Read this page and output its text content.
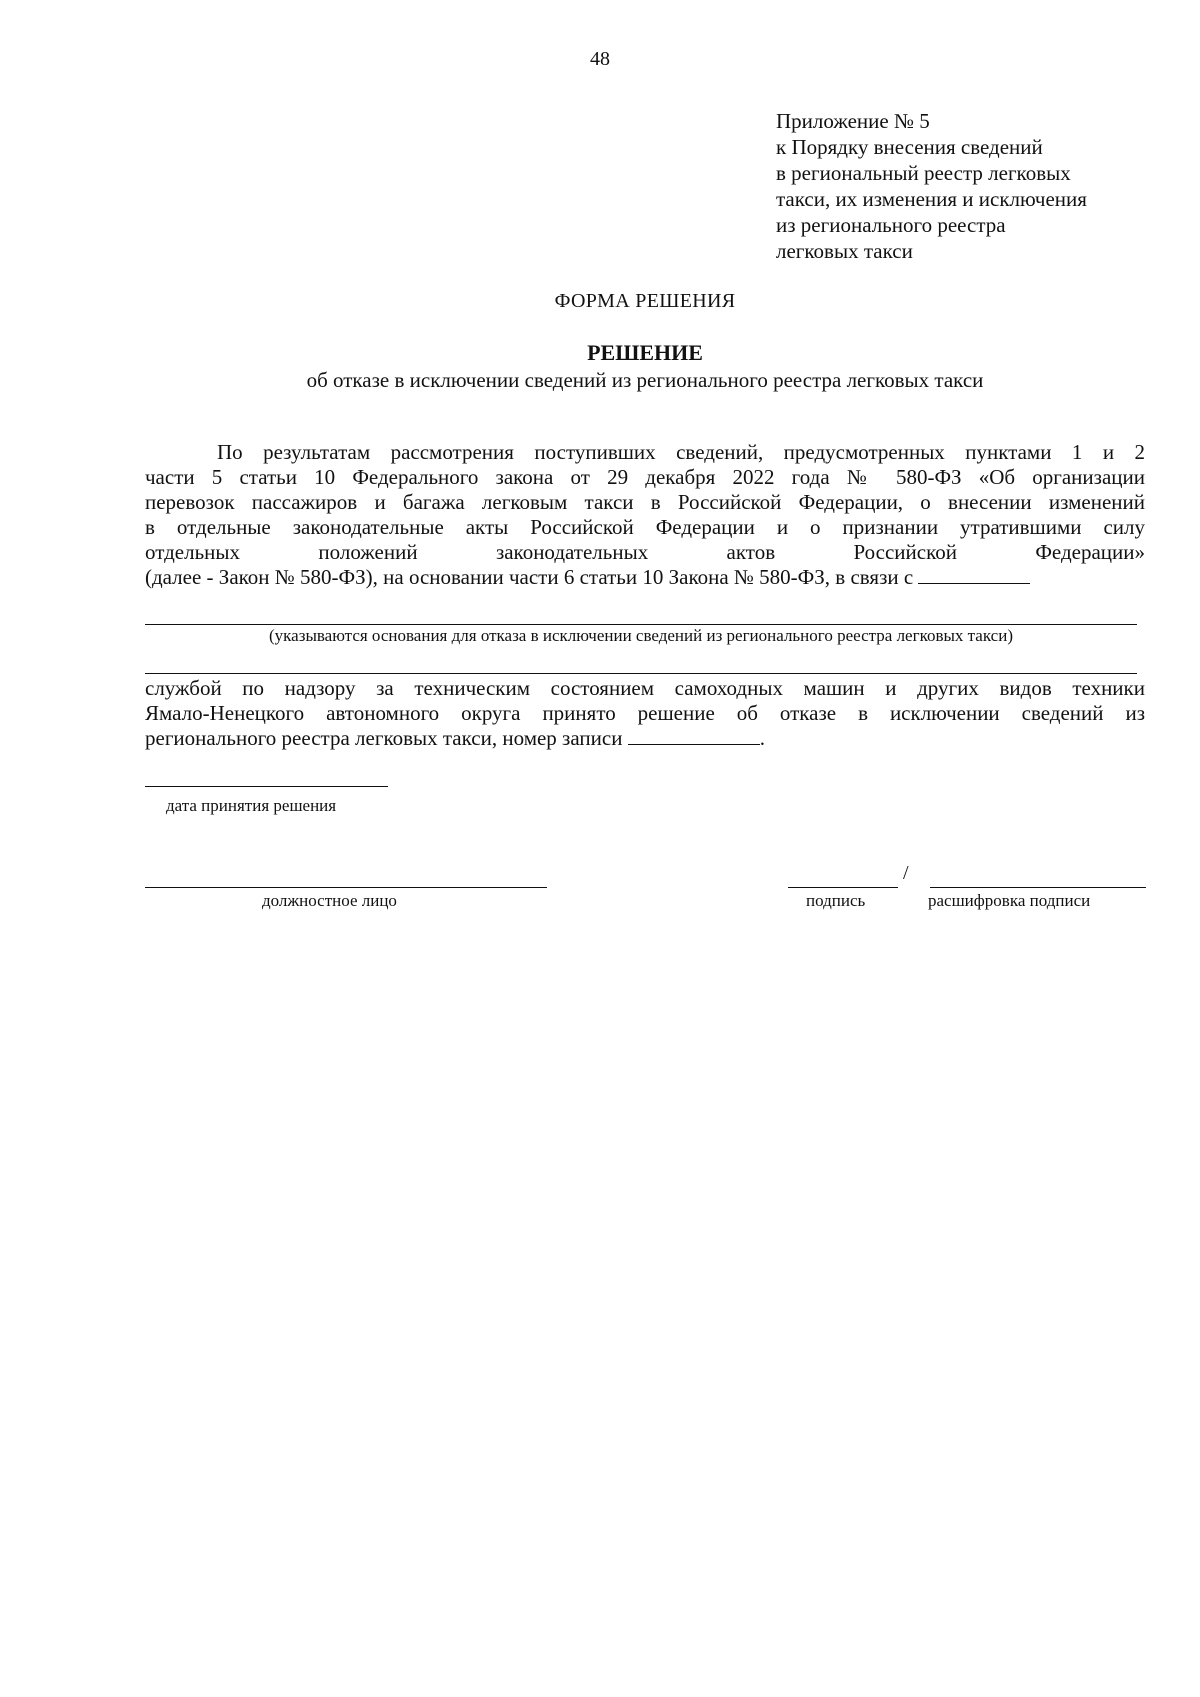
48
Приложение № 5
к Порядку внесения сведений
в региональный реестр легковых
такси, их изменения и исключения
из регионального реестра
легковых такси
ФОРМА РЕШЕНИЯ
РЕШЕНИЕ
об отказе в исключении сведений из регионального реестра легковых такси
По результатам рассмотрения поступивших сведений, предусмотренных пунктами 1 и 2
части 5 статьи 10 Федерального закона от 29 декабря 2022 года № 580-ФЗ «Об организации
перевозок пассажиров и багажа легковым такси в Российской Федерации, о внесении изменений
в отдельные законодательные акты Российской Федерации и о признании утратившими силу
отдельных положений законодательных актов Российской Федерации»
(далее - Закон № 580-ФЗ), на основании части 6 статьи 10 Закона № 580-ФЗ, в связи с
(указываются основания для отказа в исключении сведений из регионального реестра легковых такси)
службой по надзору за техническим состоянием самоходных машин и других видов техники
Ямало-Ненецкого автономного округа принято решение об отказе в исключении сведений из
регионального реестра легковых такси, номер записи	.
дата принятия решения
должностное лицо
/
подпись	расшифровка подписи
